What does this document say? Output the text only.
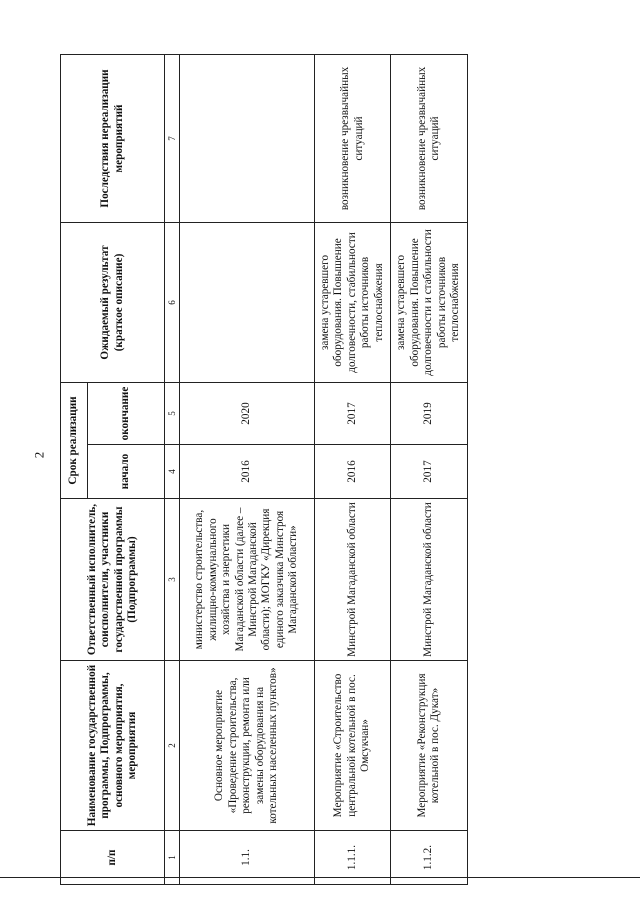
2
п/п	Наименование государственной программы, Подпрограммы, основного мероприятия, мероприятия	Ответственный исполнитель, соисполнители, участники государственной программы (Подпрограммы)	Срок реализации		Ожидаемый результат (краткое описание)	Последствия нереализации мероприятий
			начало	окончание		
1	2	3	4	5	6	7
1.1.	Основное мероприятие «Проведение строительства, реконструкции, ремонта или замены оборудования на котельных населенных пунктов»	министерство строительства, жилищно-коммунального хозяйства и энергетики Магаданской области (далее – Минстрой Магаданской области); МОГКУ «Дирекция единого заказчика Минстроя Магаданской области»	2016	2020		
1.1.1.	Мероприятие «Строительство центральной котельной в пос. Омсукчан»	Минстрой Магаданской области	2016	2017	замена устаревшего оборудования. Повышение долговечности, стабильности работы источников теплоснабжения	возникновение чрезвычайных ситуаций
1.1.2.	Мероприятие «Реконструкция котельной в пос. Дукат»	Минстрой Магаданской области	2017	2019	замена устаревшего оборудования. Повышение долговечности и стабильности работы источников теплоснабжения	возникновение чрезвычайных ситуаций
